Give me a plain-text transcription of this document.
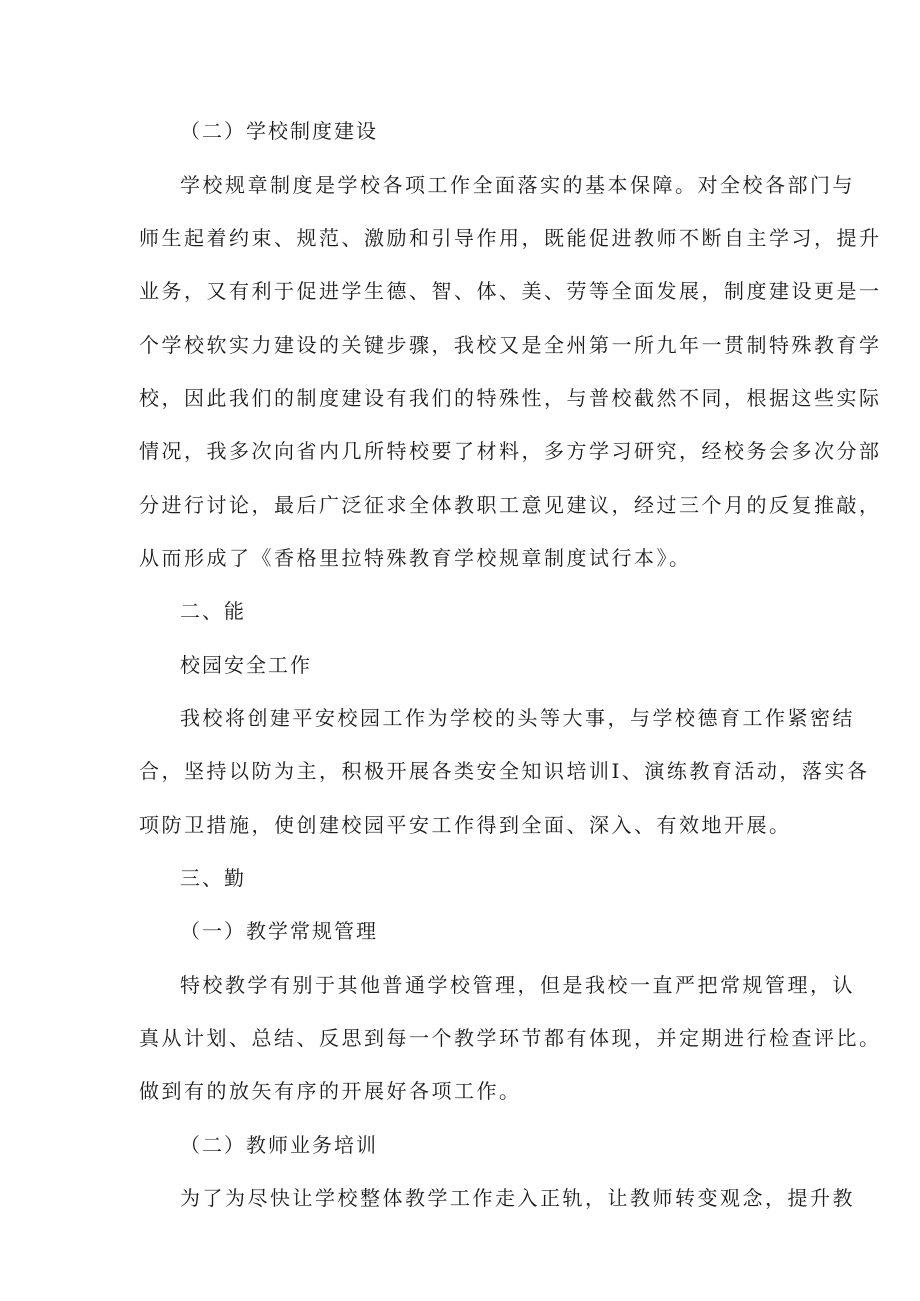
（二）学校制度建设
学校规章制度是学校各项工作全面落实的基本保障。对全校各部门与
师生起着约束、规范、激励和引导作用，既能促进教师不断自主学习，提升
业务，又有利于促进学生德、智、体、美、劳等全面发展，制度建设更是一
个学校软实力建设的关键步骤，我校又是全州第一所九年一贯制特殊教育学
校，因此我们的制度建设有我们的特殊性，与普校截然不同，根据这些实际
情况，我多次向省内几所特校要了材料，多方学习研究，经校务会多次分部
分进行讨论，最后广泛征求全体教职工意见建议，经过三个月的反复推敲，
从而形成了《香格里拉特殊教育学校规章制度试行本》。
二、能
校园安全工作
我校将创建平安校园工作为学校的头等大事，与学校德育工作紧密结
合，坚持以防为主，积极开展各类安全知识培训I、演练教育活动，落实各
项防卫措施，使创建校园平安工作得到全面、深入、有效地开展。
三、勤
（一）教学常规管理
特校教学有别于其他普通学校管理，但是我校一直严把常规管理，认
真从计划、总结、反思到每一个教学环节都有体现，并定期进行检查评比。
做到有的放矢有序的开展好各项工作。
（二）教师业务培训
为了为尽快让学校整体教学工作走入正轨，让教师转变观念，提升教
